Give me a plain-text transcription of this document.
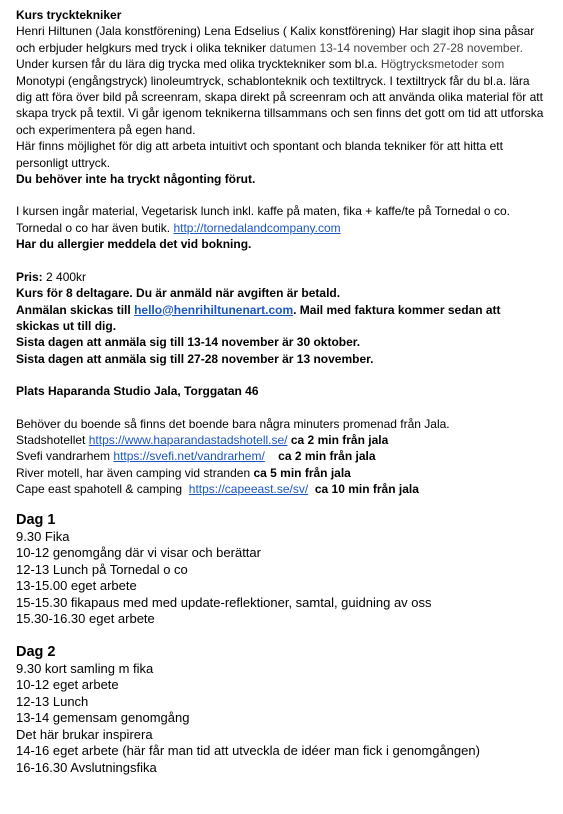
Kurs trycktekniker

Henri Hiltunen (Jala konstförening) Lena Edselius ( Kalix konstförening) Har slagit ihop sina påsar och erbjuder helgkurs med tryck i olika tekniker datumen 13-14 november och 27-28 november.

Under kursen får du lära dig trycka med olika trycktekniker som bl.a. Högtrycksmetoder som Monotypi (engångstryck) linoleumtryck, schablonteknik och textiltryck. I textiltryck får du bl.a. lära dig att föra över bild på screenram, skapa direkt på screenram och att använda olika material för att skapa tryck på textil. Vi går igenom teknikerna tillsammans och sen finns det gott om tid att utforska och experimentera på egen hand.

Här finns möjlighet för dig att arbeta intuitivt och spontant och blanda tekniker för att hitta ett personligt uttryck.

Du behöver inte ha tryckt någonting förut.

I kursen ingår material, Vegetarisk lunch inkl. kaffe på maten, fika + kaffe/te på Tornedal o co. Tornedal o co har även butik. http://tornedalandcompany.com

Har du allergier meddela det vid bokning.

Pris: 2 400kr

Kurs för 8 deltagare. Du är anmäld när avgiften är betald.

Anmälan skickas till hello@henrihiltunenart.com. Mail med faktura kommer sedan att skickas ut till dig.

Sista dagen att anmäla sig till 13-14 november är 30 oktober.

Sista dagen att anmäla sig till 27-28 november är 13 november.

Plats Haparanda Studio Jala, Torggatan 46

Behöver du boende så finns det boende bara några minuters promenad från Jala.

Stadshotellet https://www.haparandastadshotell.se/ ca 2 min från jala

Svefi vandrarhem https://svefi.net/vandrarhem/ ca 2 min från jala

River motell, har även camping vid stranden ca 5 min från jala

Cape east spahotell & camping https://capeeast.se/sv/ ca 10 min från jala

Dag 1

9.30 Fika

10-12 genomgång där vi visar och berättar

12-13 Lunch på Tornedal o co

13-15.00 eget arbete

15-15.30 fikapaus med med update-reflektioner, samtal, guidning av oss

15.30-16.30 eget arbete

Dag 2

9.30 kort samling m fika

10-12 eget arbete

12-13 Lunch

13-14 gemensam genomgång

Det här brukar inspirera

14-16 eget arbete (här får man tid att utveckla de idéer man fick i genomgången)

16-16.30 Avslutningsfika
